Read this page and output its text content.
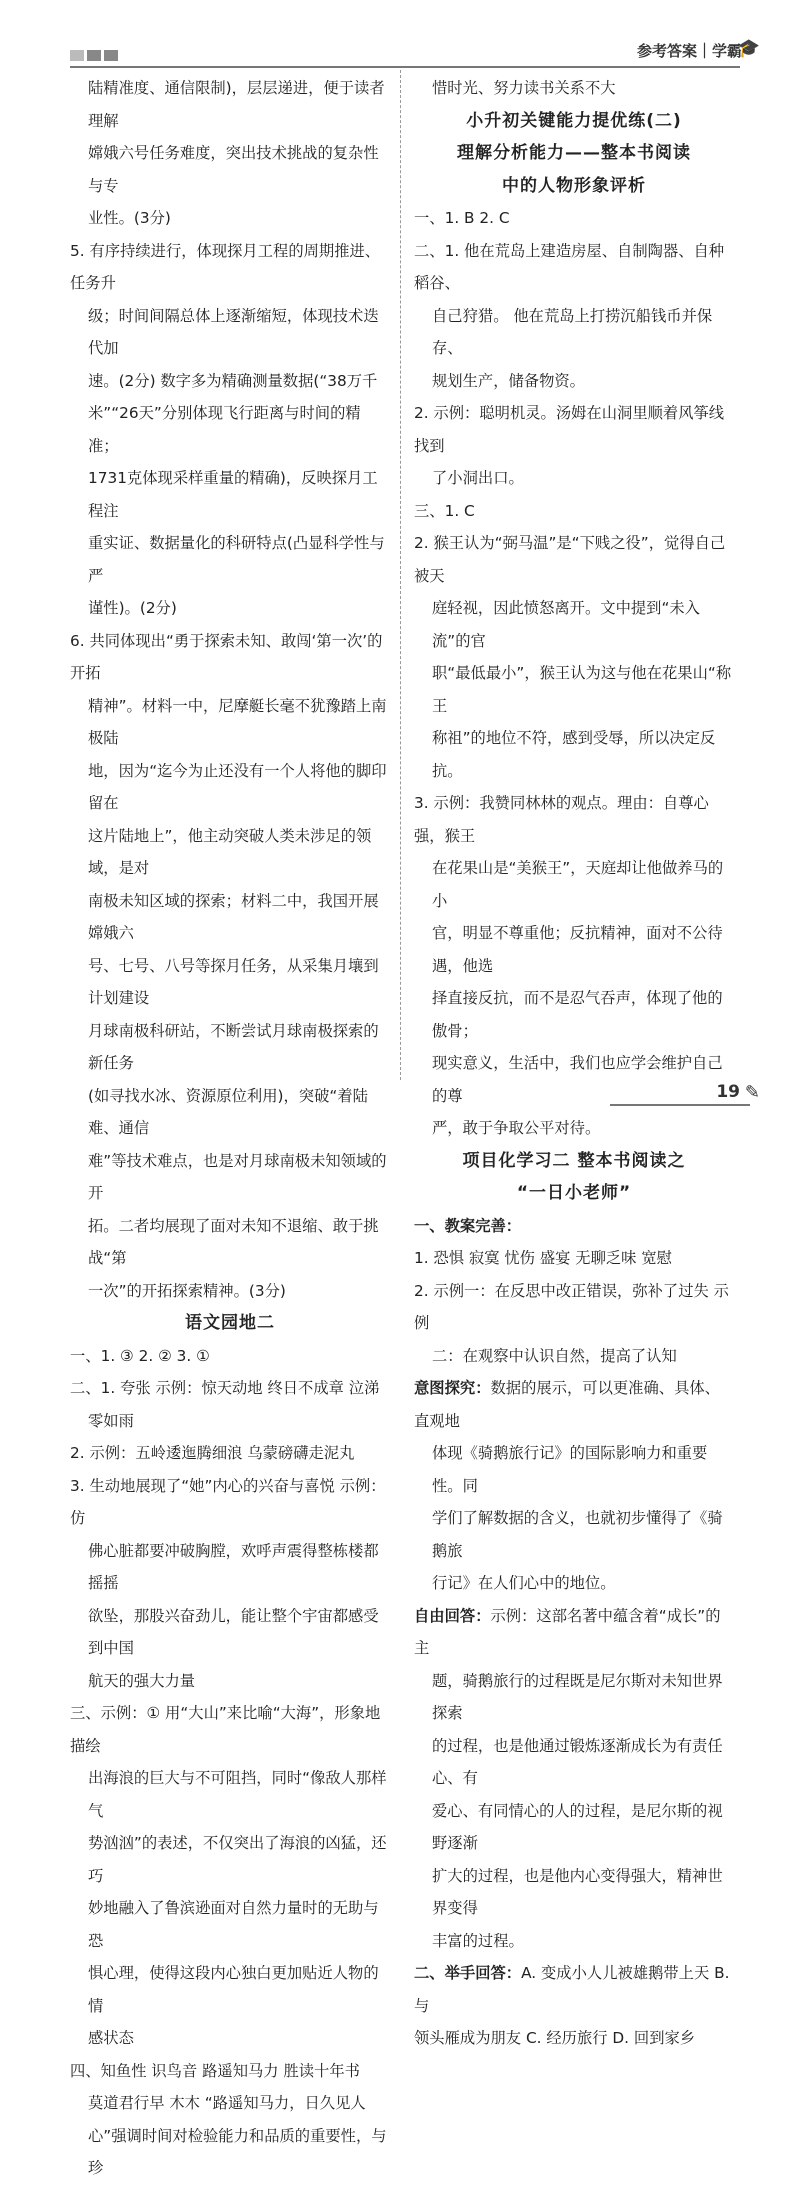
参考答案｜学霸
🎓
陆精准度、通信限制)，层层递进，便于读者理解
嫦娥六号任务难度，突出技术挑战的复杂性与专
业性。(3分)
5. 有序持续进行，体现探月工程的周期推进、任务升
级；时间间隔总体上逐渐缩短，体现技术迭代加
速。(2分) 数字多为精确测量数据(“38万千
米”“26天”分别体现飞行距离与时间的精准；
1731克体现采样重量的精确)，反映探月工程注
重实证、数据量化的科研特点(凸显科学性与严
谨性)。(2分)
6. 共同体现出“勇于探索未知、敢闯‘第一次’的开拓
精神”。材料一中，尼摩艇长毫不犹豫踏上南极陆
地，因为“迄今为止还没有一个人将他的脚印留在
这片陆地上”，他主动突破人类未涉足的领域，是对
南极未知区域的探索；材料二中，我国开展嫦娥六
号、七号、八号等探月任务，从采集月壤到计划建设
月球南极科研站，不断尝试月球南极探索的新任务
(如寻找水冰、资源原位利用)，突破“着陆难、通信
难”等技术难点，也是对月球南极未知领域的开
拓。二者均展现了面对未知不退缩、敢于挑战“第
一次”的开拓探索精神。(3分)
语文园地二
一、1. ③ 2. ② 3. ①
二、1. 夸张 示例：惊天动地 终日不成章 泣涕
零如雨
2. 示例：五岭逶迤腾细浪 乌蒙磅礴走泥丸
3. 生动地展现了“她”内心的兴奋与喜悦 示例：仿
佛心脏都要冲破胸膛，欢呼声震得整栋楼都摇摇
欲坠，那股兴奋劲儿，能让整个宇宙都感受到中国
航天的强大力量
三、示例：① 用“大山”来比喻“大海”，形象地描绘
出海浪的巨大与不可阻挡，同时“像敌人那样气
势汹汹”的表述，不仅突出了海浪的凶猛，还巧
妙地融入了鲁滨逊面对自然力量时的无助与恐
惧心理，使得这段内心独白更加贴近人物的情
感状态
四、知鱼性 识鸟音 路遥知马力 胜读十年书
莫道君行早 木木 “路遥知马力，日久见人
心”强调时间对检验能力和品质的重要性，与珍
惜时光、努力读书关系不大
小升初关键能力提优练(二)
理解分析能力——整本书阅读
中的人物形象评析
一、1. B 2. C
二、1. 他在荒岛上建造房屋、自制陶器、自种稻谷、
自己狩猎。 他在荒岛上打捞沉船钱币并保存、
规划生产，储备物资。
2. 示例：聪明机灵。汤姆在山洞里顺着风筝线找到
了小洞出口。
三、1. C
2. 猴王认为“弼马温”是“下贱之役”，觉得自己被天
庭轻视，因此愤怒离开。文中提到“未入流”的官
职“最低最小”，猴王认为这与他在花果山“称王
称祖”的地位不符，感到受辱，所以决定反抗。
3. 示例：我赞同林林的观点。理由：自尊心强，猴王
在花果山是“美猴王”，天庭却让他做养马的小
官，明显不尊重他；反抗精神，面对不公待遇，他选
择直接反抗，而不是忍气吞声，体现了他的傲骨；
现实意义，生活中，我们也应学会维护自己的尊
严，敢于争取公平对待。
项目化学习二 整本书阅读之
“一日小老师”
一、教案完善：
1. 恐惧 寂寞 忧伤 盛宴 无聊乏味 宽慰
2. 示例一：在反思中改正错误，弥补了过失 示例
二：在观察中认识自然，提高了认知
意图探究：数据的展示，可以更准确、具体、直观地
体现《骑鹅旅行记》的国际影响力和重要性。同
学们了解数据的含义，也就初步懂得了《骑鹅旅
行记》在人们心中的地位。
自由回答：示例：这部名著中蕴含着“成长”的主
题，骑鹅旅行的过程既是尼尔斯对未知世界探索
的过程，也是他通过锻炼逐渐成长为有责任心、有
爱心、有同情心的人的过程，是尼尔斯的视野逐渐
扩大的过程，也是他内心变得强大，精神世界变得
丰富的过程。
二、举手回答：A. 变成小人儿被雄鹅带上天 B. 与
领头雁成为朋友 C. 经历旅行 D. 回到家乡
19 ✎
